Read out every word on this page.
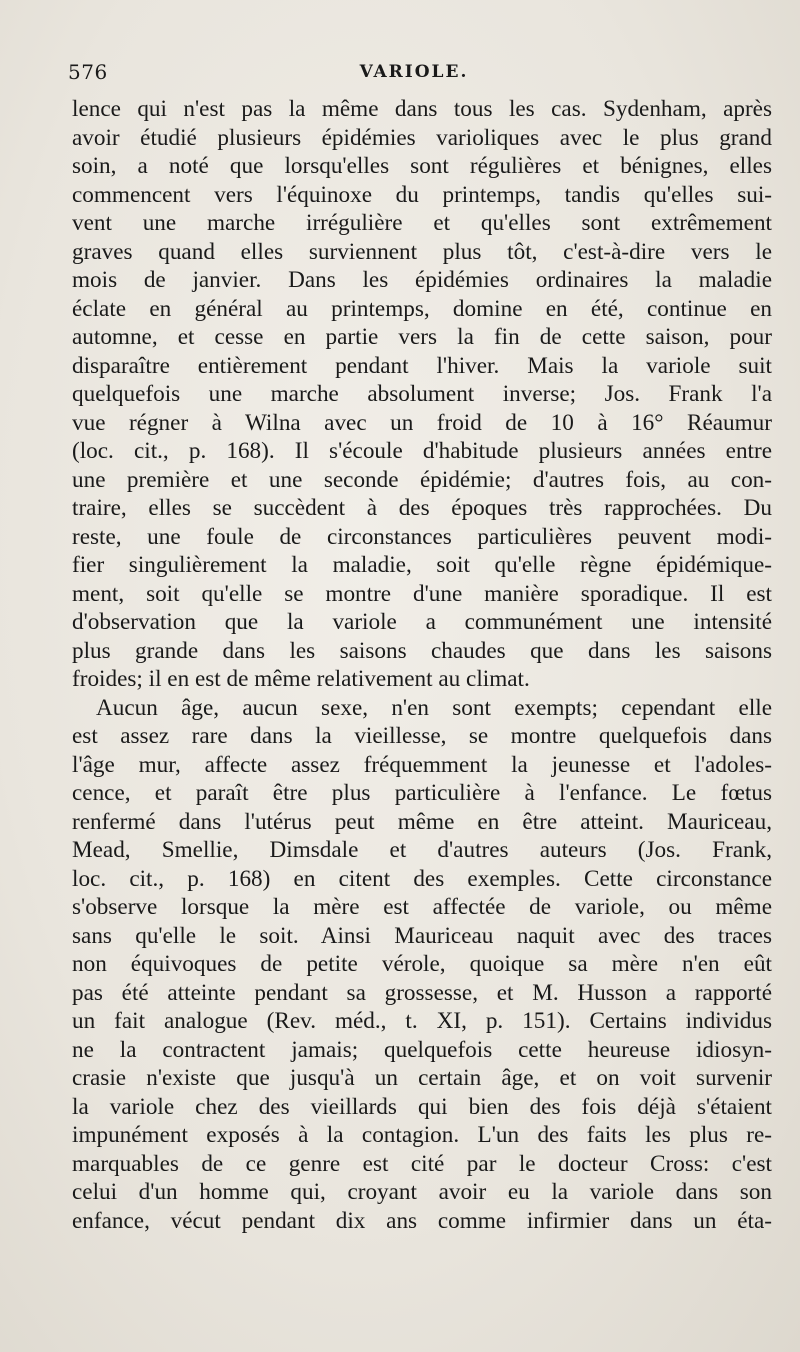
576	VARIOLE.
lence qui n'est pas la même dans tous les cas. Sydenham, après
avoir étudié plusieurs épidémies varioliques avec le plus grand
soin, a noté que lorsqu'elles sont régulières et bénignes, elles
commencent vers l'équinoxe du printemps, tandis qu'elles sui-
vent une marche irrégulière et qu'elles sont extrêmement
graves quand elles surviennent plus tôt, c'est-à-dire vers le
mois de janvier. Dans les épidémies ordinaires la maladie
éclate en général au printemps, domine en été, continue en
automne, et cesse en partie vers la fin de cette saison, pour
disparaître entièrement pendant l'hiver. Mais la variole suit
quelquefois une marche absolument inverse; Jos. Frank l'a
vue régner à Wilna avec un froid de 10 à 16° Réaumur
(loc. cit., p. 168). Il s'écoule d'habitude plusieurs années entre
une première et une seconde épidémie; d'autres fois, au con-
traire, elles se succèdent à des époques très rapprochées. Du
reste, une foule de circonstances particulières peuvent modi-
fier singulièrement la maladie, soit qu'elle règne épidémique-
ment, soit qu'elle se montre d'une manière sporadique. Il est
d'observation que la variole a communément une intensité
plus grande dans les saisons chaudes que dans les saisons
froides; il en est de même relativement au climat.
Aucun âge, aucun sexe, n'en sont exempts; cependant elle
est assez rare dans la vieillesse, se montre quelquefois dans
l'âge mur, affecte assez fréquemment la jeunesse et l'adoles-
cence, et paraît être plus particulière à l'enfance. Le fœtus
renfermé dans l'utérus peut même en être atteint. Mauriceau,
Mead, Smellie, Dimsdale et d'autres auteurs (Jos. Frank,
loc. cit., p. 168) en citent des exemples. Cette circonstance
s'observe lorsque la mère est affectée de variole, ou même
sans qu'elle le soit. Ainsi Mauriceau naquit avec des traces
non équivoques de petite vérole, quoique sa mère n'en eût
pas été atteinte pendant sa grossesse, et M. Husson a rapporté
un fait analogue (Rev. méd., t. XI, p. 151). Certains individus
ne la contractent jamais; quelquefois cette heureuse idiosyn-
crasie n'existe que jusqu'à un certain âge, et on voit survenir
la variole chez des vieillards qui bien des fois déjà s'étaient
impunément exposés à la contagion. L'un des faits les plus re-
marquables de ce genre est cité par le docteur Cross: c'est
celui d'un homme qui, croyant avoir eu la variole dans son
enfance, vécut pendant dix ans comme infirmier dans un éta-
